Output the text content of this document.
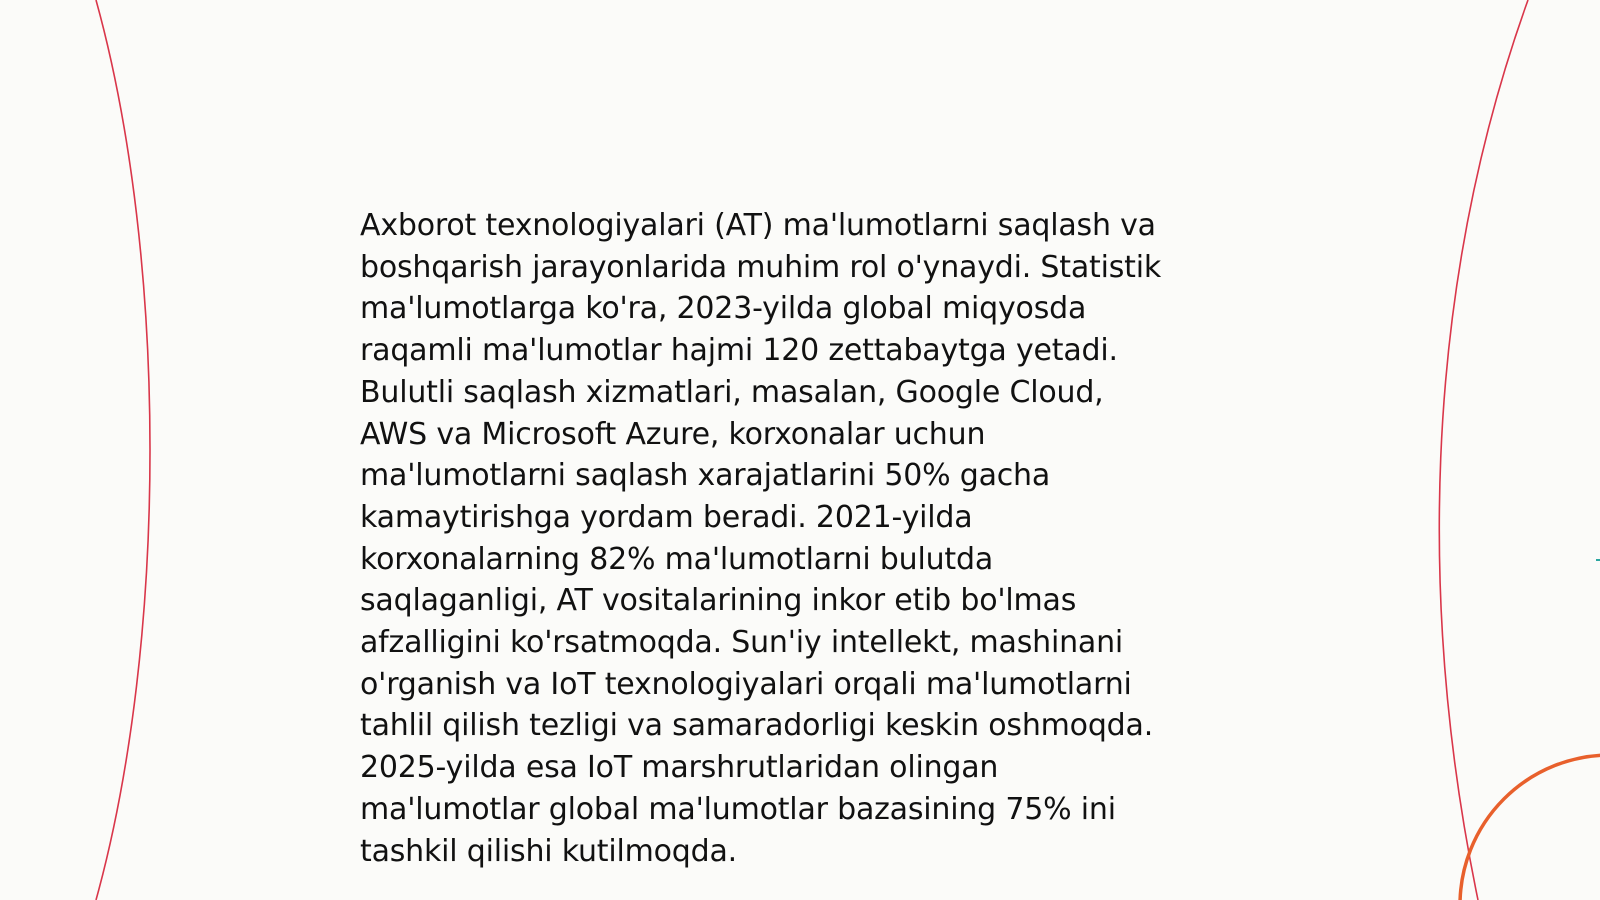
Axborot texnologiyalari (AT) ma'lumotlarni saqlash va
boshqarish jarayonlarida muhim rol o'ynaydi. Statistik
ma'lumotlarga ko'ra, 2023-yilda global miqyosda
raqamli ma'lumotlar hajmi 120 zettabaytga yetadi.
Bulutli saqlash xizmatlari, masalan, Google Cloud,
AWS va Microsoft Azure, korxonalar uchun
ma'lumotlarni saqlash xarajatlarini 50% gacha
kamaytirishga yordam beradi. 2021-yilda
korxonalarning 82% ma'lumotlarni bulutda
saqlaganligi, AT vositalarining inkor etib bo'lmas
afzalligini ko'rsatmoqda. Sun'iy intellekt, mashinani
o'rganish va IoT texnologiyalari orqali ma'lumotlarni
tahlil qilish tezligi va samaradorligi keskin oshmoqda.
2025-yilda esa IoT marshrutlaridan olingan
ma'lumotlar global ma'lumotlar bazasining 75% ini
tashkil qilishi kutilmoqda.
